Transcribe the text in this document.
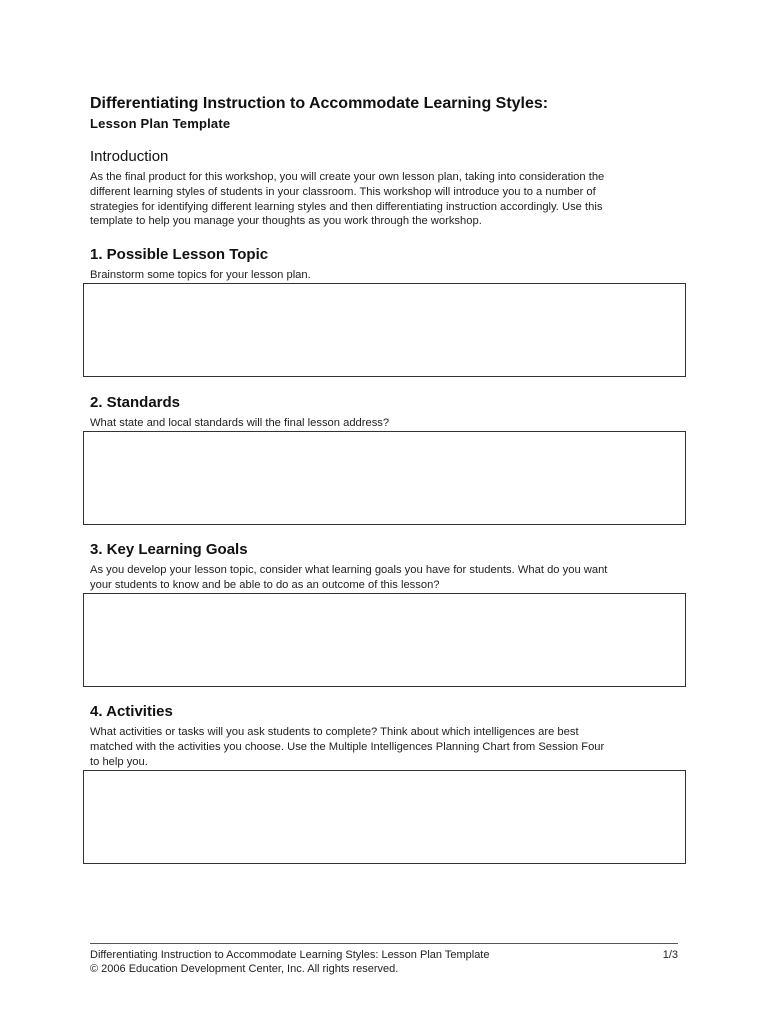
Differentiating Instruction to Accommodate Learning Styles:
Lesson Plan Template
Introduction
As the final product for this workshop, you will create your own lesson plan, taking into consideration the
different learning styles of students in your classroom. This workshop will introduce you to a number of
strategies for identifying different learning styles and then differentiating instruction accordingly. Use this
template to help you manage your thoughts as you work through the workshop.
1. Possible Lesson Topic
Brainstorm some topics for your lesson plan.
2. Standards
What state and local standards will the final lesson address?
3. Key Learning Goals
As you develop your lesson topic, consider what learning goals you have for students. What do you want
your students to know and be able to do as an outcome of this lesson?
4. Activities
What activities or tasks will you ask students to complete? Think about which intelligences are best
matched with the activities you choose. Use the Multiple Intelligences Planning Chart from Session Four
to help you.
Differentiating Instruction to Accommodate Learning Styles: Lesson Plan Template	1/3
© 2006 Education Development Center, Inc. All rights reserved.
